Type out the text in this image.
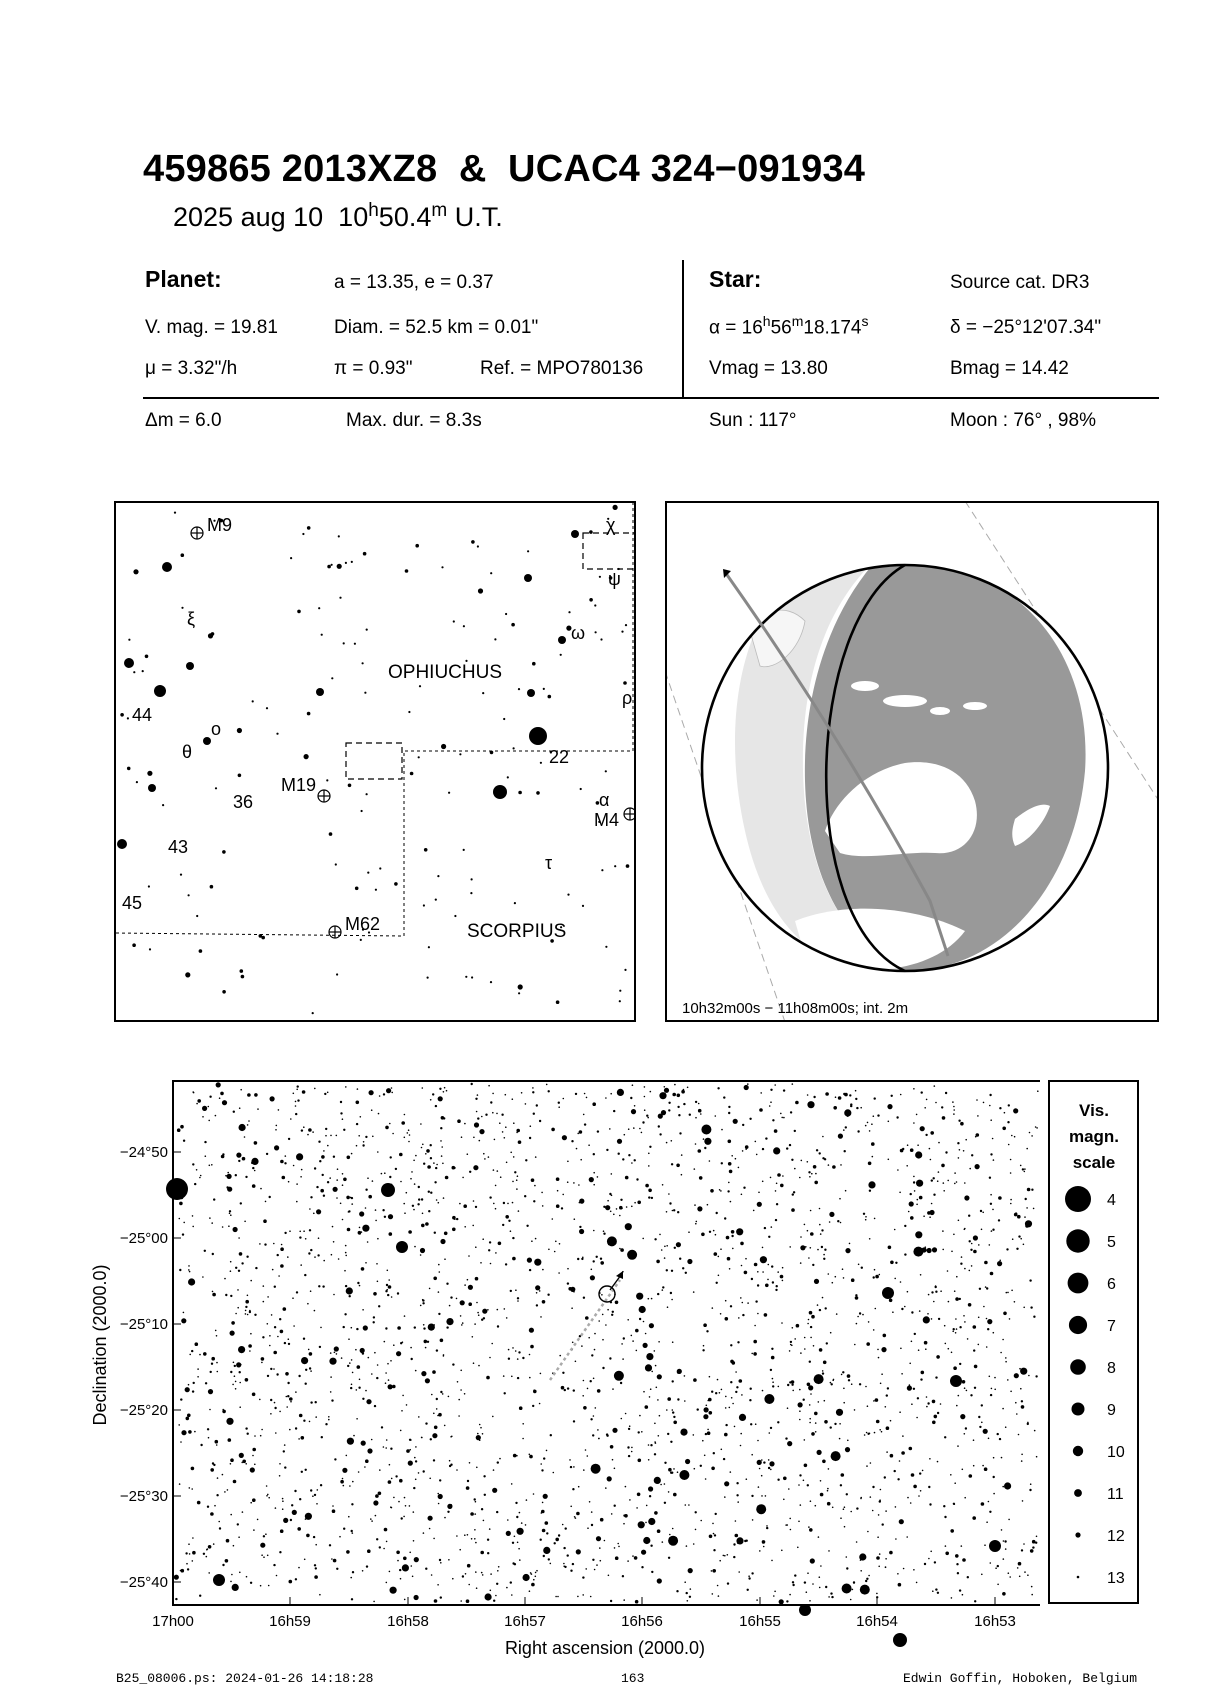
459865 2013XZ8  &  UCAC4 324−091934
2025 aug 10 10$^h$50.4$^m$ U.T.
Planet:	a = 13.35, e = 0.37
V. mag. = 19.81	Diam. = 52.5 km = 0.01"
μ = 3.32"/h	π = 0.93"	Ref. = MPO780136
Star:	Source cat. DR3
$\alpha = 16^h56^m18.174^s$	δ = −25°12'07.34"
Vmag = 13.80	Bmag = 14.42
Δm = 6.0	Max. dur. = 8.3s	Sun : 117°	Moon : 76° , 98%
OPHIUCHUS
SCORPIUS
M9
ξ
44
ο
θ
M19
36
43
45
M62
χ
ψ
ω
ρ
22
α
M4
τ
10h32m00s − 11h08m00s; int. 2m
−24°50
−25°00
−25°10
−25°20
−25°30
−25°40
17h00	16h59	16h58	16h57	16h56	16h55	16h54	16h53
Right ascension (2000.0)
Declination (2000.0)
Vis.
magn.
scale
4
5
6
7
8
9
10
11
12
13
B25_08006.ps: 2024-01-26 14:18:28	163	Edwin Goffin, Hoboken, Belgium
